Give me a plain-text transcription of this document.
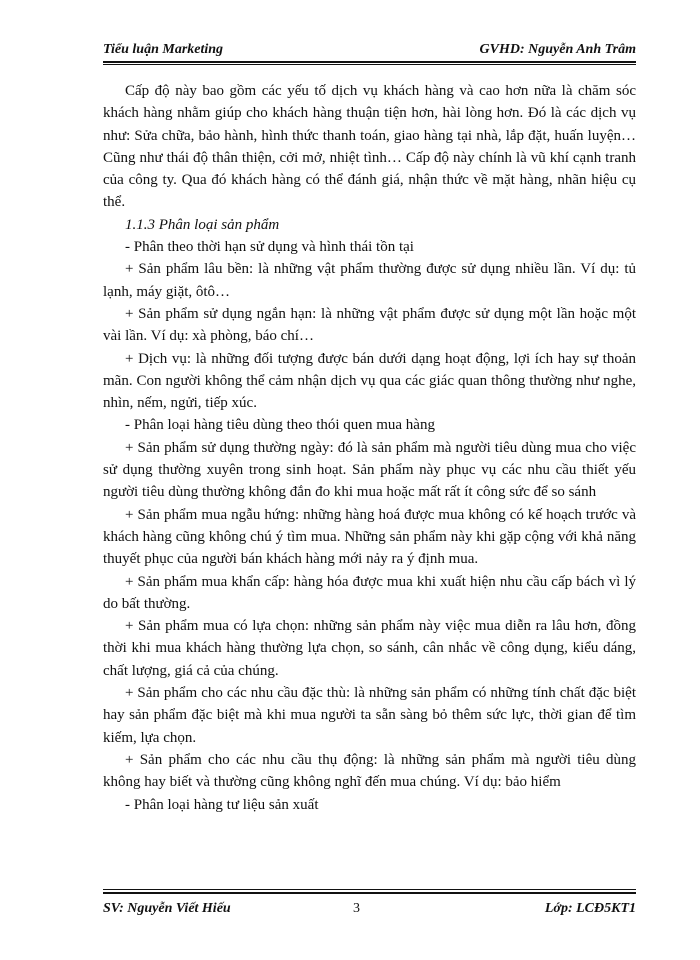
Tiểu luận Marketing	GVHD: Nguyễn Anh Trâm

Cấp độ này bao gồm các yếu tố dịch vụ khách hàng và cao hơn nữa là chăm sóc khách hàng nhằm giúp cho khách hàng thuận tiện hơn, hài lòng hơn. Đó là các dịch vụ như: Sửa chữa, bảo hành, hình thức thanh toán, giao hàng tại nhà, lắp đặt, huấn luyện…Cũng như thái độ thân thiện, cởi mở, nhiệt tình… Cấp độ này chính là vũ khí cạnh tranh của công ty. Qua đó khách hàng có thể đánh giá, nhận thức về mặt hàng, nhãn hiệu cụ thể.

1.1.3 Phân loại sản phẩm

- Phân theo thời hạn sử dụng và hình thái tồn tại

+ Sản phẩm lâu bền: là những vật phẩm thường được sử dụng nhiều lần. Ví dụ: tủ lạnh, máy giặt, ôtô…

+ Sản phẩm sử dụng ngắn hạn: là những vật phẩm được sử dụng một lần hoặc một vài lần. Ví dụ: xà phòng, báo chí…

+ Dịch vụ: là những đối tượng được bán dưới dạng hoạt động, lợi ích hay sự thoản mãn. Con người không thể cảm nhận dịch vụ qua các giác quan thông thường như nghe, nhìn, nếm, ngửi, tiếp xúc.

- Phân loại hàng tiêu dùng theo thói quen mua hàng

+ Sản phẩm sử dụng thường ngày: đó là sản phẩm mà người tiêu dùng mua cho việc sử dụng thường xuyên trong sinh hoạt. Sản phẩm này phục vụ các nhu cầu thiết yếu người tiêu dùng thường không đắn đo khi mua hoặc mất rất ít công sức để so sánh

+ Sản phẩm mua ngẫu hứng: những hàng hoá được mua không có kế hoạch trước và khách hàng cũng không chú ý tìm mua. Những sản phẩm này khi gặp cộng với khả năng thuyết phục của người bán khách hàng mới nảy ra ý định mua.

+ Sản phẩm mua khẩn cấp: hàng hóa được mua khi xuất hiện nhu cầu cấp bách vì lý do bất thường.

+ Sản phẩm mua có lựa chọn: những sản phẩm này việc mua diễn ra lâu hơn, đồng thời khi mua khách hàng thường lựa chọn, so sánh, cân nhắc về công dụng, kiểu dáng, chất lượng, giá cả của chúng.

+ Sản phẩm cho các nhu cầu đặc thù: là những sản phẩm có những tính chất đặc biệt hay sản phẩm đặc biệt mà khi mua người ta sẵn sàng bỏ thêm sức lực, thời gian để tìm kiếm, lựa chọn.

+ Sản phẩm cho các nhu cầu thụ động: là những sản phẩm mà người tiêu dùng không hay biết và thường cũng không nghĩ đến mua chúng. Ví dụ: bảo hiểm

- Phân loại hàng tư liệu sản xuất

SV: Nguyễn Viết Hiếu	3	Lớp: LCĐ5KT1
